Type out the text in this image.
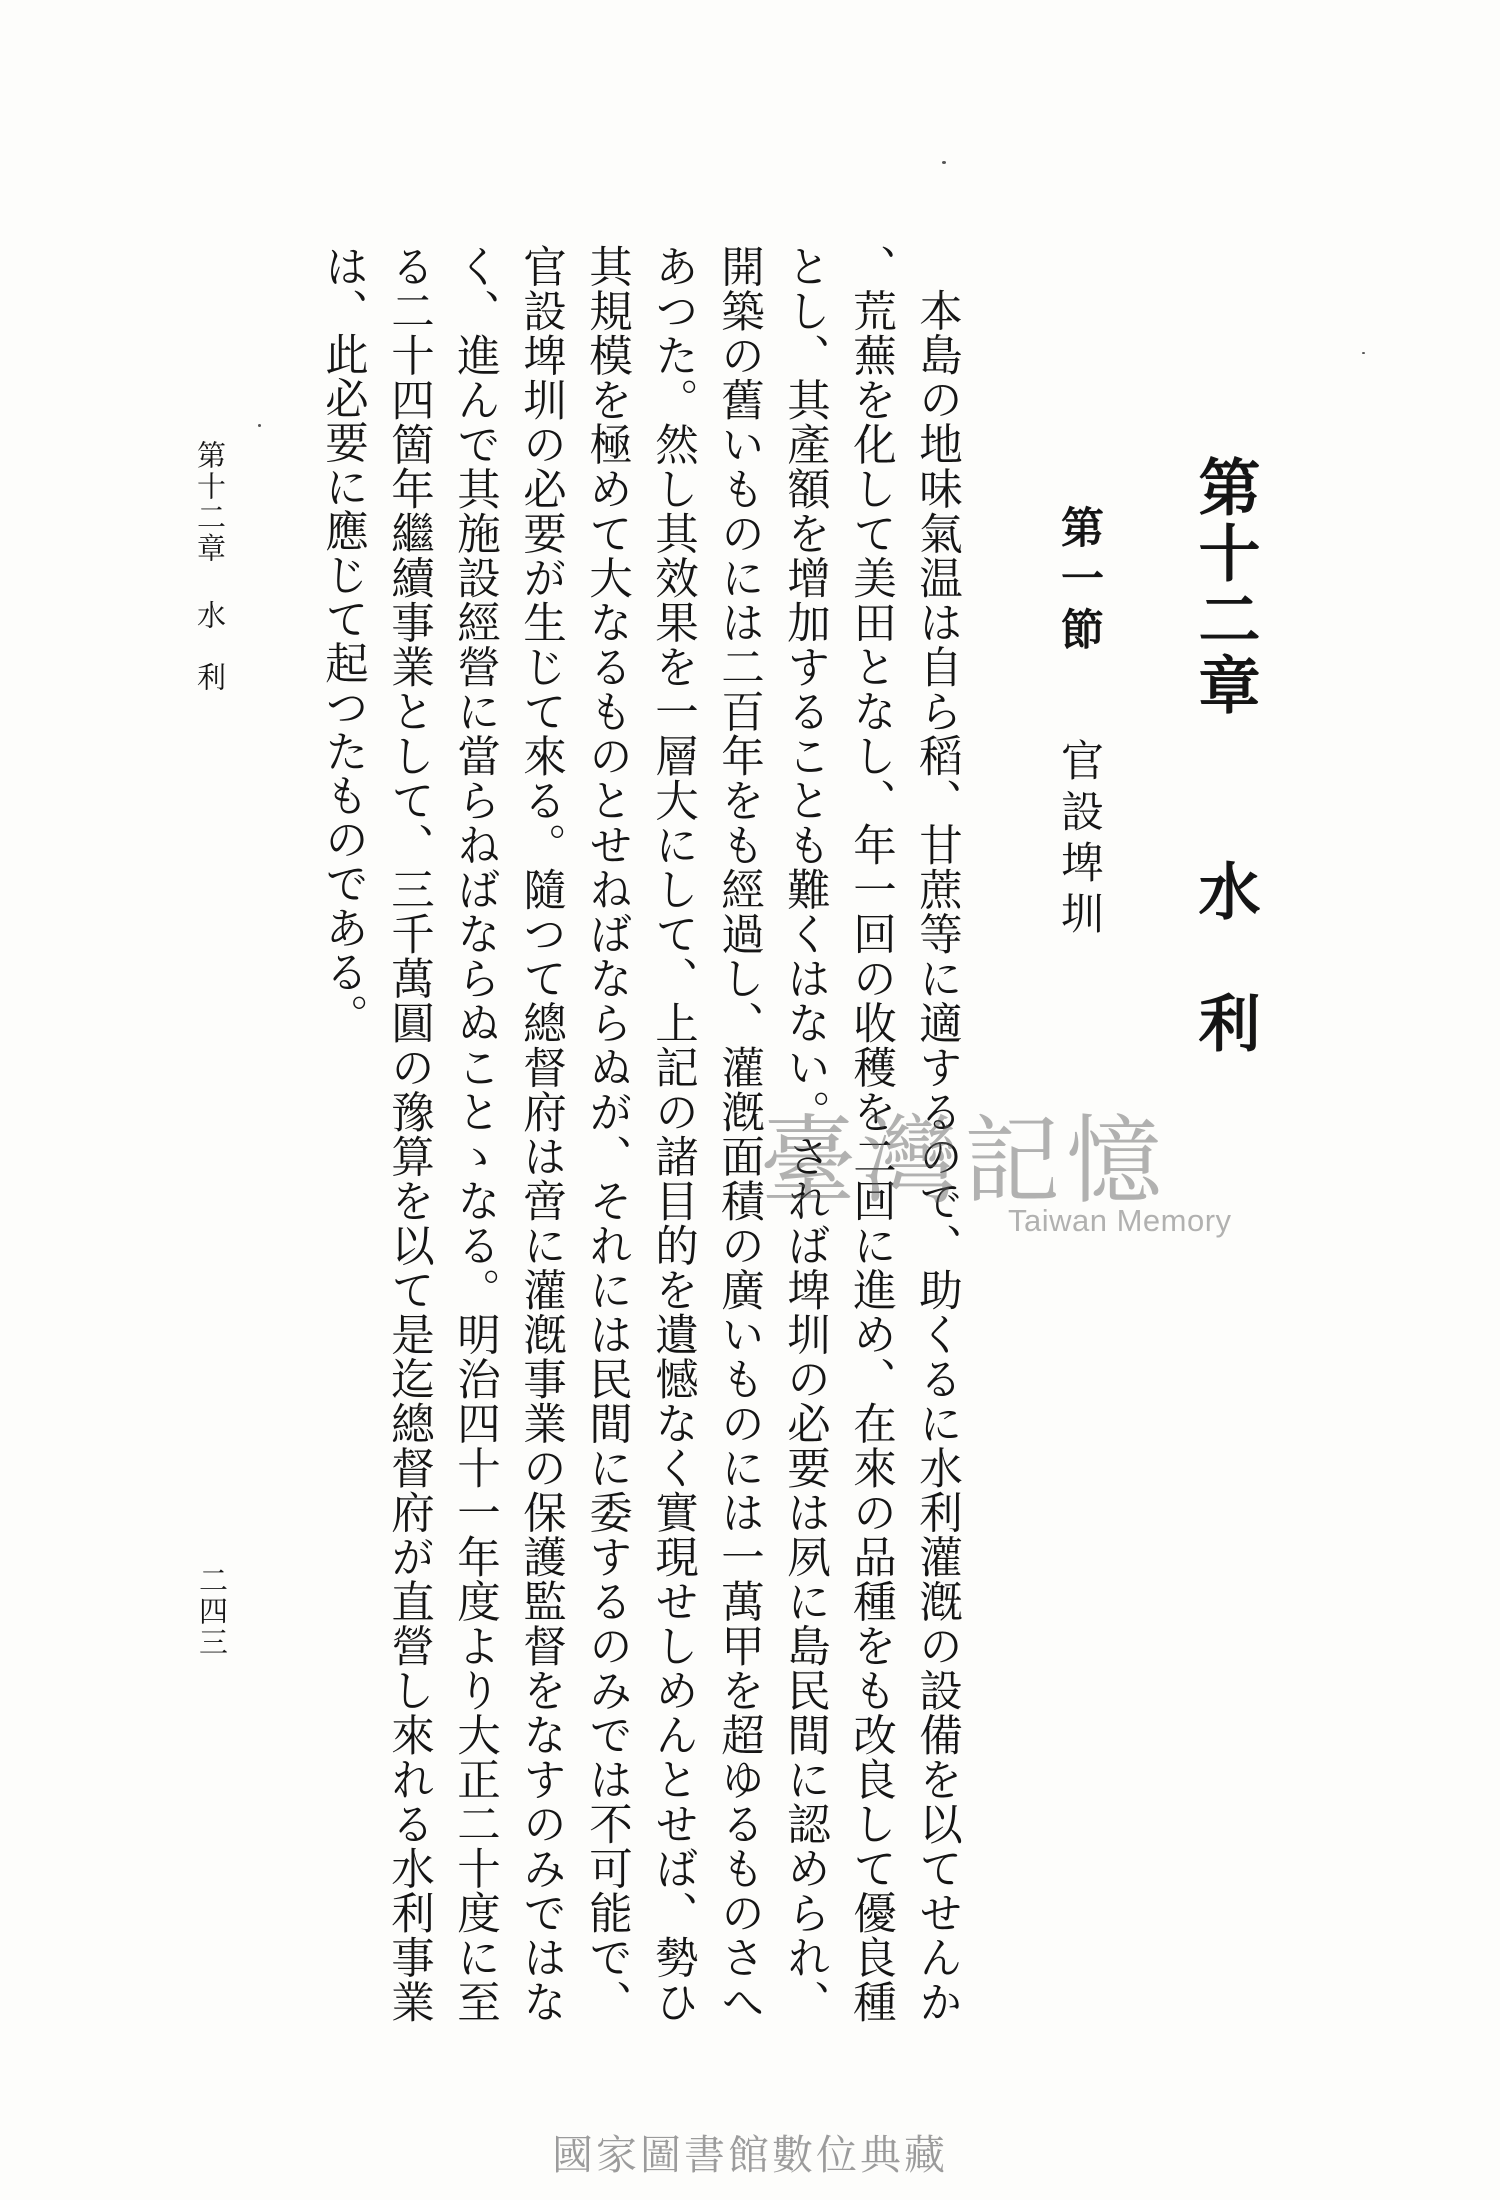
第十二章水　利
第一節官設埤圳

本島の地味氣温は自ら稻、甘蔗等に適するので、助くるに水利灌漑の設備を以てせんか、荒蕪を化して美田となし、年一回の收穫を二回に進め、在來の品種をも改良して優良種とし、其產額を增加することも難くはない。されば埤圳の必要は夙に島民間に認められ、開築の舊いものには二百年をも經過し、灌漑面積の廣いものには一萬甲を超ゆるものさへあつた。然し其效果を一層大にして、上記の諸目的を遺憾なく實現せしめんとせば、勢ひ其規模を極めて大なるものとせねばならぬが、それには民間に委するのみでは不可能で、官設埤圳の必要が生じて來る。隨つて總督府は啻に灌漑事業の保護監督をなすのみではなく、進んで其施設經營に當らねばならぬことゝなる。明治四十一年度より大正二十度に至る二十四箇年繼續事業として、三千萬圓の豫算を以て是迄總督府が直營し來れる水利事業は、此必要に應じて起つたものである。

第十二章水　利
二四三
臺灣記憶
Taiwan Memory
國家圖書館數位典藏
